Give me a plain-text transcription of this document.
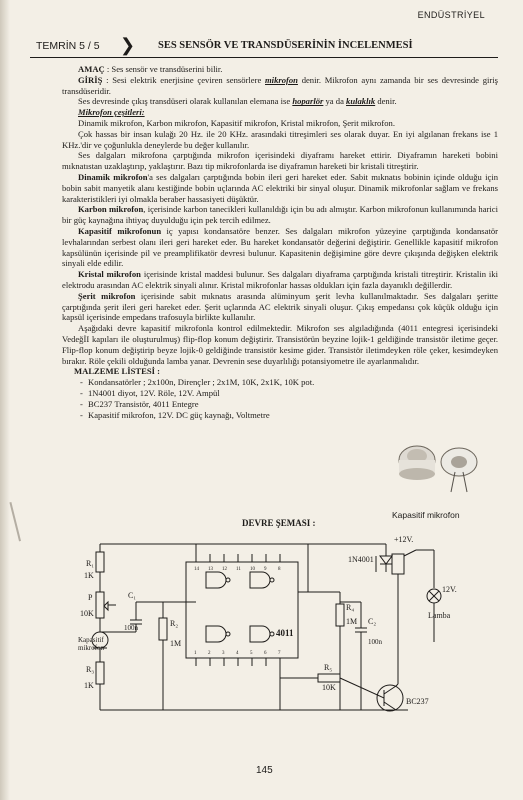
ENDÜSTRİYEL
TEMRİN 5 / 5 ❯ SES SENSÖR VE TRANSDÜSERİNİN İNCELENMESİ

AMAÇ : Ses sensör ve transdüserini bilir.

GİRİŞ : Sesi elektrik enerjisine çeviren sensörlere mikrofon denir. Mikrofon aynı zamanda bir ses devresinde giriş transdüseridir.

Ses devresinde çıkış transdüseri olarak kullanılan elemana ise hoparlör ya da kulaklık denir.

Mikrofon çeşitleri:

Dinamik mikrofon, Karbon mikrofon, Kapasitif mikrofon, Kristal mikrofon, Şerit mikrofon.

Çok hassas bir insan kulağı 20 Hz. ile 20 KHz. arasındaki titreşimleri ses olarak duyar. En iyi algılanan frekans ise 1 KHz.'dir ve çoğunlukla deneylerde bu değer kullanılır.

Ses dalgaları mikrofona çarptığında mikrofon içerisindeki diyaframı hareket ettirir. Diyaframın hareketi bobini mıknatıstan uzaklaştırıp, yaklaştırır. Bazı tip mikrofonlarda ise diyaframın hareketi bir kristali titreştirir.

Dinamik mikrofon'a ses dalgaları çarptığında bobin ileri geri hareket eder. Sabit mıknatıs bobinin içinde olduğu için bobin sabit manyetik alanı kestiğinde bobin uçlarında AC elektriki bir sinyal oluşur. Dinamik mikrofonlar sağlam ve frekans karakteristikleri iyi olmakla beraber hassasiyeti düşüktür.

Karbon mikrofon, içerisinde karbon tanecikleri kullanıldığı için bu adı almıştır. Karbon mikrofonun kullanımında harici bir güç kaynağına ihtiyaç duyulduğu için pek tercih edilmez.

Kapasitif mikrofonun iç yapısı kondansatöre benzer. Ses dalgaları mikrofon yüzeyine çarptığında kondansatör levhalarından serbest olanı ileri geri hareket eder. Bu hareket kondansatör değerini değiştirir. Genellikle kapasitif mikrofon kapsülünün içerisinde pil ve preamplifikatör devresi bulunur. Kapasitenin değişimine göre devre çıkışında değişken elektrik sinyali elde edilir.

Kristal mikrofon içerisinde kristal maddesi bulunur. Ses dalgaları diyaframa çarptığında kristali titreştirir. Kristalin iki elektrodu arasından AC elektrik sinyali alınır. Kristal mikrofonlar hassas oldukları için fazla dayanıklı değillerdir.

Şerit mikrofon içerisinde sabit mıknatıs arasında alüminyum şerit levha kullanılmaktadır. Ses dalgaları şeritte çarptığında şerit ileri geri hareket eder. Şerit uçlarında AC elektrik sinyali oluşur. Çıkış empedansı çok küçük olduğu için kapsül içerisinde empedans trafosuyla birlikte kullanılır.

Aşağıdaki devre kapasitif mikrofonla kontrol edilmektedir. Mikrofon ses algıladığında (4011 entegresi içerisindeki VedeğİI kapıları ile oluşturulmuş) flip-flop konum değiştirir. Transistörün beyzine lojik-1 geldiğinde transistör iletime geçer. Flip-flop konum değiştirip beyze lojik-0 geldiğinde transistör kesime gider. Transistör iletimdeyken röle çeker, kesimdeyken bırakır. Röle çekili olduğunda lamba yanar. Devrenin sese duyarlılığı potansiyometre ile ayarlanmalıdır.

MALZEME LİSTESİ :

- Kondansatörler ; 2x100n, Dirençler ; 2x1M, 10K, 2x1K, 10K pot.
- 1N4001 diyot, 12V. Röle, 12V. Ampül
- BC237 Transistör, 4011 Entegre
- Kapasitif mikrofon, 12V. DC güç kaynağı, Voltmetre
Kapasitif mikrofon
DEVRE ŞEMASI :
R₁
1K
P
10K
Kapasitif
mikrofon
R₃
1K
C₁
100n	R₂
1M
4011
R₄
1M C₂
100n
1N4001
+12V.
12V.
Lamba
R₅
10K
BC237
14 13 12 11 10 9 8
1 2 3 4 5 6 7
145
